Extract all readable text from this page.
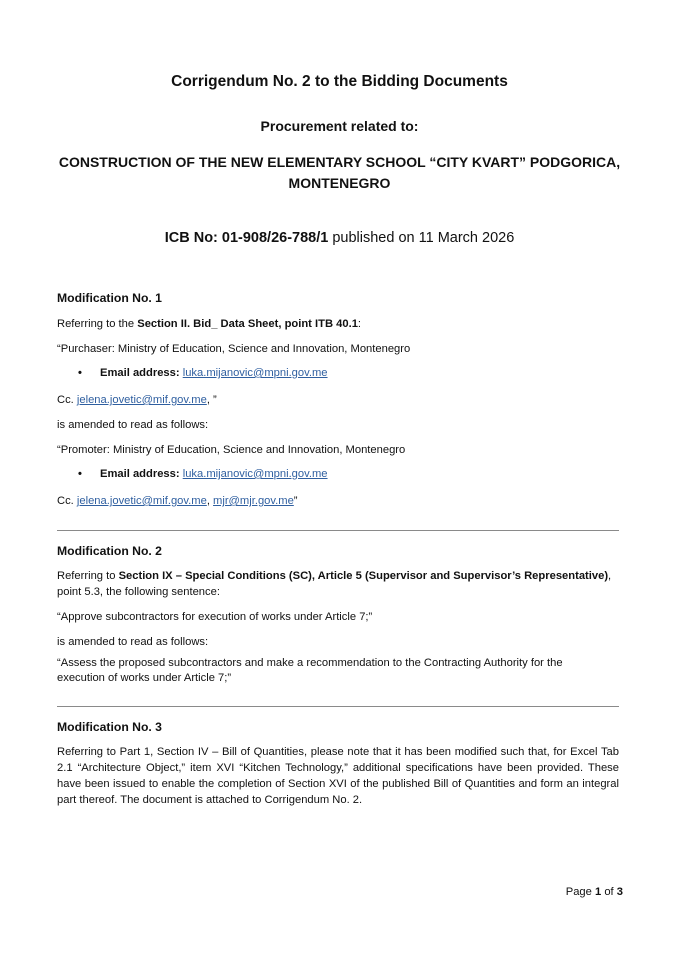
Corrigendum No. 2 to the Bidding Documents
Procurement related to:
CONSTRUCTION OF THE NEW ELEMENTARY SCHOOL “CITY KVART” PODGORICA,
MONTENEGRO
ICB No: 01-908/26-788/1 published on 11 March 2026
Modification No. 1
Referring to the Section II. Bid_ Data Sheet, point ITB 40.1:
“Purchaser: Ministry of Education, Science and Innovation, Montenegro
• Email address: luka.mijanovic@mpni.gov.me
Cc. jelena.jovetic@mif.gov.me, ”
is amended to read as follows:
“Promoter: Ministry of Education, Science and Innovation, Montenegro
• Email address: luka.mijanovic@mpni.gov.me
Cc. jelena.jovetic@mif.gov.me, mjr@mjr.gov.me”
Modification No. 2
Referring to Section IX – Special Conditions (SC), Article 5 (Supervisor and Supervisor’s Representative),
point 5.3, the following sentence:
“Approve subcontractors for execution of works under Article 7;”
is amended to read as follows:
“Assess the proposed subcontractors and make a recommendation to the Contracting Authority for the
execution of works under Article 7;”
Modification No. 3
Referring to Part 1, Section IV – Bill of Quantities, please note that it has been modified such that, for Excel Tab 2.1 “Architecture Object,” item XVI “Kitchen Technology,” additional specifications have been provided. These have been issued to enable the completion of Section XVI of the published Bill of Quantities and form an integral part thereof. The document is attached to Corrigendum No. 2.
Page 1 of 3
